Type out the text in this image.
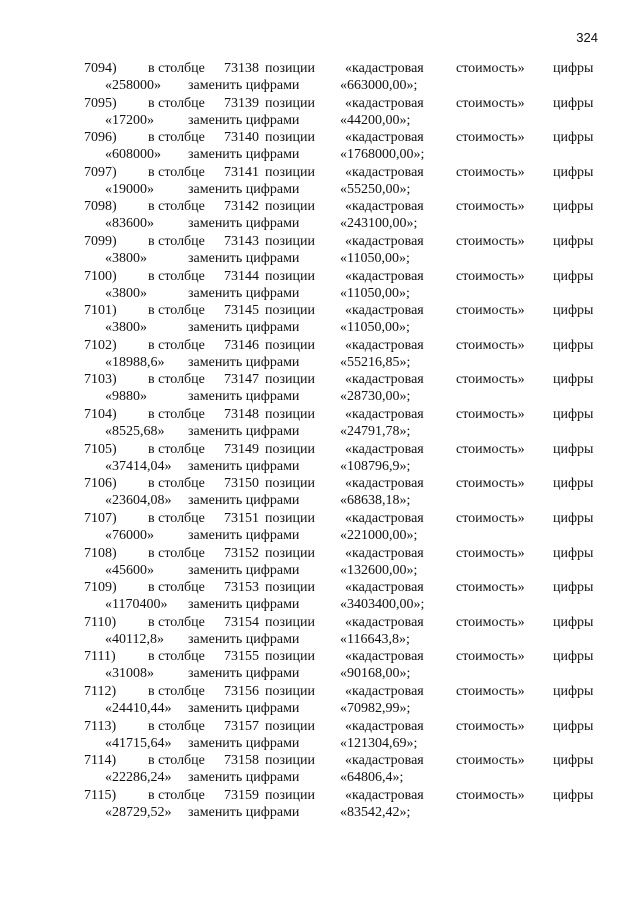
324
7094) в столбце 73138 позиции «кадастровая стоимость» цифры
«258000» заменить цифрами	«663000,00»;
7095) в столбце 73139 позиции «кадастровая стоимость» цифры
«17200» заменить цифрами	«44200,00»;
7096) в столбце 73140 позиции «кадастровая стоимость» цифры
«608000» заменить цифрами	«1768000,00»;
7097) в столбце 73141 позиции «кадастровая стоимость» цифры
«19000» заменить цифрами	«55250,00»;
7098) в столбце 73142 позиции «кадастровая стоимость» цифры
«83600» заменить цифрами	«243100,00»;
7099) в столбце 73143 позиции «кадастровая стоимость» цифры
«3800»	заменить цифрами	«11050,00»;
7100) в столбце 73144 позиции «кадастровая стоимость» цифры
«3800»	заменить цифрами	«11050,00»;
7101) в столбце 73145 позиции «кадастровая стоимость» цифры
«3800»	заменить цифрами	«11050,00»;
7102) в столбце 73146 позиции «кадастровая стоимость» цифры
«18988,6» заменить цифрами	«55216,85»;
7103) в столбце 73147 позиции «кадастровая стоимость» цифры
«9880»	заменить цифрами	«28730,00»;
7104) в столбце 73148 позиции «кадастровая стоимость» цифры
«8525,68» заменить цифрами	«24791,78»;
7105) в столбце 73149 позиции «кадастровая стоимость» цифры
«37414,04» заменить цифрами	«108796,9»;
7106) в столбце 73150 позиции «кадастровая стоимость» цифры
«23604,08» заменить цифрами	«68638,18»;
7107) в столбце 73151 позиции «кадастровая стоимость» цифры
«76000» заменить цифрами	«221000,00»;
7108) в столбце 73152 позиции «кадастровая стоимость» цифры
«45600» заменить цифрами	«132600,00»;
7109) в столбце 73153 позиции «кадастровая стоимость» цифры
«1170400» заменить цифрами	«3403400,00»;
7110) в столбце 73154 позиции «кадастровая стоимость» цифры
«40112,8» заменить цифрами	«116643,8»;
7111) в столбце 73155 позиции «кадастровая стоимость» цифры
«31008» заменить цифрами	«90168,00»;
7112) в столбце 73156 позиции «кадастровая стоимость» цифры
«24410,44» заменить цифрами	«70982,99»;
7113) в столбце 73157 позиции «кадастровая стоимость» цифры
«41715,64» заменить цифрами	«121304,69»;
7114) в столбце 73158 позиции «кадастровая стоимость» цифры
«22286,24» заменить цифрами	«64806,4»;
7115) в столбце 73159 позиции «кадастровая стоимость» цифры
«28729,52» заменить цифрами	«83542,42»;
